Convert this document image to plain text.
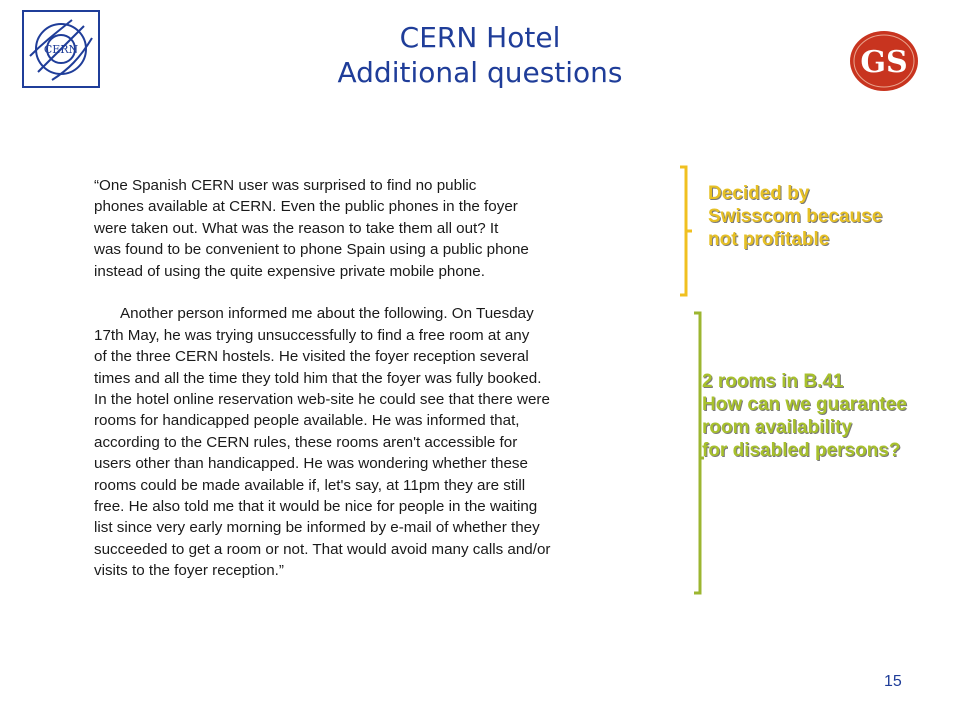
CERN	CERN Hotel
Additional questions	GS
“One Spanish CERN user was surprised to find no public
phones available at CERN. Even the public phones in the foyer
were taken out. What was the reason to take them all out? It
was found to be convenient to phone Spain using a public phone
instead of using the quite expensive private mobile phone.
Another person informed me about the following. On Tuesday
17th May, he was trying unsuccessfully to find a free room at any
of the three CERN hostels. He visited the foyer reception several
times and all the time they told him that the foyer was fully booked.
In the hotel online reservation web-site he could see that there were
rooms for handicapped people available. He was informed that,
according to the CERN rules, these rooms aren't accessible for
users other than handicapped. He was wondering whether these
rooms could be made available if, let's say, at 11pm they are still
free. He also told me that it would be nice for people in the waiting
list since very early morning be informed by e-mail of whether they
succeeded to get a room or not. That would avoid many calls and/or
visits to the foyer reception.”
Decided by
Swisscom because
not profitable
2 rooms in B.41
How can we guarantee
room availability
for disabled persons?
15
